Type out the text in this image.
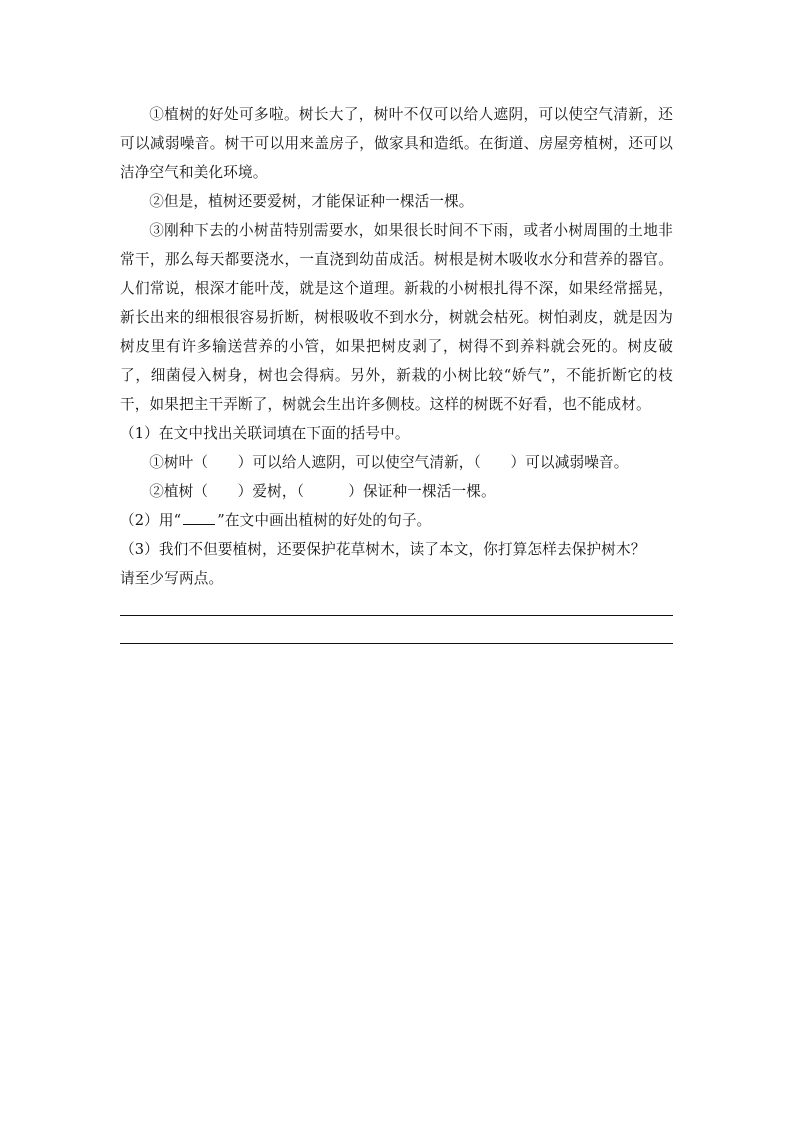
①植树的好处可多啦。树长大了，树叶不仅可以给人遮阴，可以使空气清新，还可以减弱噪音。树干可以用来盖房子，做家具和造纸。在街道、房屋旁植树，还可以洁净空气和美化环境。

②但是，植树还要爱树，才能保证种一棵活一棵。

③刚种下去的小树苗特别需要水，如果很长时间不下雨，或者小树周围的土地非常干，那么每天都要浇水，一直浇到幼苗成活。树根是树木吸收水分和营养的器官。人们常说，根深才能叶茂，就是这个道理。新栽的小树根扎得不深，如果经常摇晃，新长出来的细根很容易折断，树根吸收不到水分，树就会枯死。树怕剥皮，就是因为树皮里有许多输送营养的小管，如果把树皮剥了，树得不到养料就会死的。树皮破了，细菌侵入树身，树也会得病。另外，新栽的小树比较“娇气”，不能折断它的枝干，如果把主干弄断了，树就会生出许多侧枝。这样的树既不好看，也不能成材。

（1）在文中找出关联词填在下面的括号中。

①树叶（　　）可以给人遮阴，可以使空气清新，（　　）可以减弱噪音。

②植树（　　）爱树，（　　　）保证种一棵活一棵。

（2）用“ ”在文中画出植树的好处的句子。

（3）我们不但要植树，还要保护花草树木，读了本文，你打算怎样去保护树木？

请至少写两点。
